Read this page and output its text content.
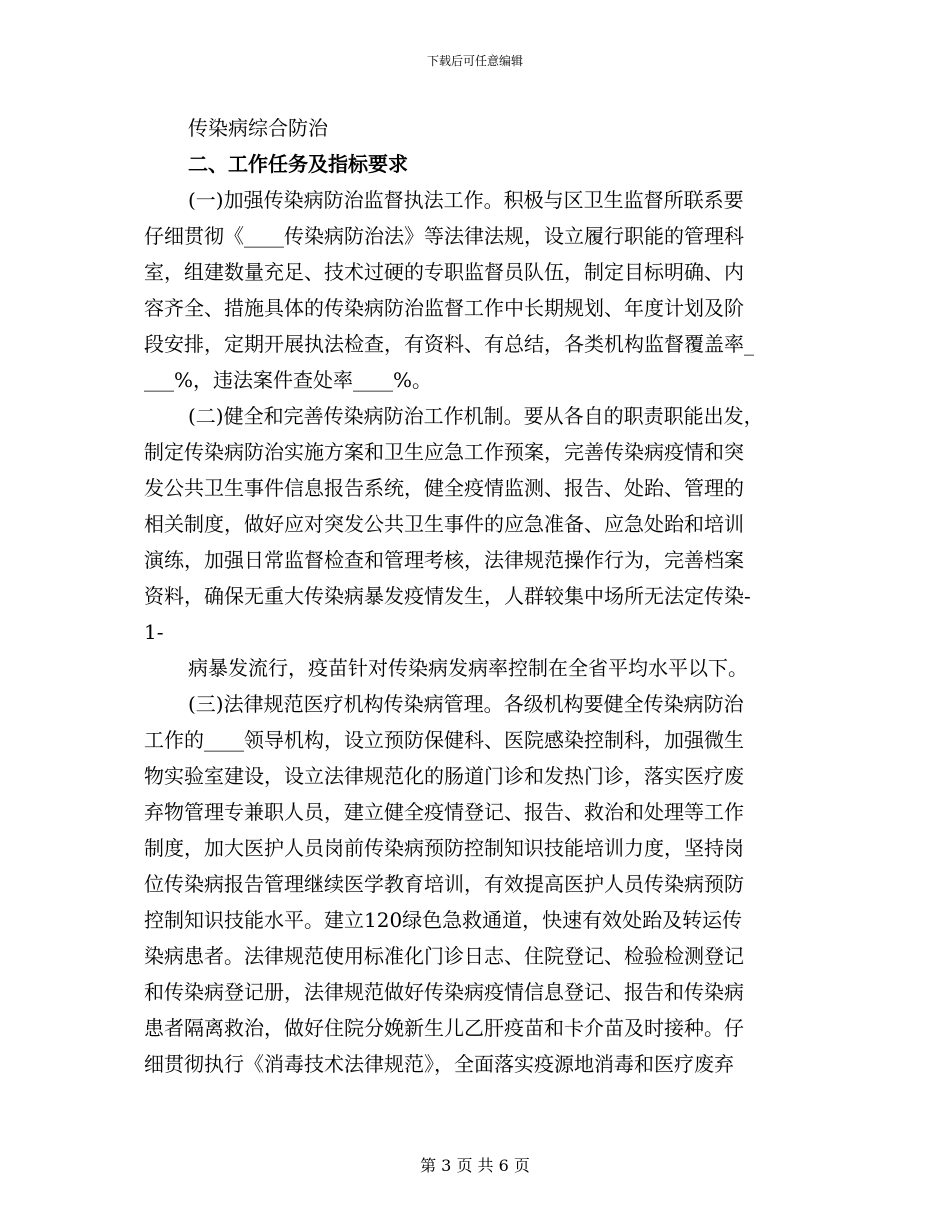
下载后可任意编辑
传染病综合防治
二、工作任务及指标要求
(一)加强传染病防治监督执法工作。积极与区卫生监督所联系要
仔细贯彻《____传染病防治法》等法律法规，设立履行职能的管理科
室，组建数量充足、技术过硬的专职监督员队伍，制定目标明确、内
容齐全、措施具体的传染病防治监督工作中长期规划、年度计划及阶
段安排，定期开展执法检查，有资料、有总结，各类机构监督覆盖率_
___%，违法案件查处率____%。
(二)健全和完善传染病防治工作机制。要从各自的职责职能出发，
制定传染病防治实施方案和卫生应急工作预案，完善传染病疫情和突
发公共卫生事件信息报告系统，健全疫情监测、报告、处跆、管理的
相关制度，做好应对突发公共卫生事件的应急准备、应急处跆和培训
演练，加强日常监督检查和管理考核，法律规范操作行为，完善档案
资料，确保无重大传染病暴发疫情发生，人群较集中场所无法定传染-
1-
病暴发流行，疫苗针对传染病发病率控制在全省平均水平以下。
(三)法律规范医疗机构传染病管理。各级机构要健全传染病防治
工作的____领导机构，设立预防保健科、医院感染控制科，加强微生
物实验室建设，设立法律规范化的肠道门诊和发热门诊，落实医疗废
弃物管理专兼职人员，建立健全疫情登记、报告、救治和处理等工作
制度，加大医护人员岗前传染病预防控制知识技能培训力度，坚持岗
位传染病报告管理继续医学教育培训，有效提高医护人员传染病预防
控制知识技能水平。建立120绿色急救通道，快速有效处跆及转运传
染病患者。法律规范使用标准化门诊日志、住院登记、检验检测登记
和传染病登记册，法律规范做好传染病疫情信息登记、报告和传染病
患者隔离救治，做好住院分娩新生儿乙肝疫苗和卡介苗及时接种。仔
细贯彻执行《消毒技术法律规范》，全面落实疫源地消毒和医疗废弃
第 3 页 共 6 页
